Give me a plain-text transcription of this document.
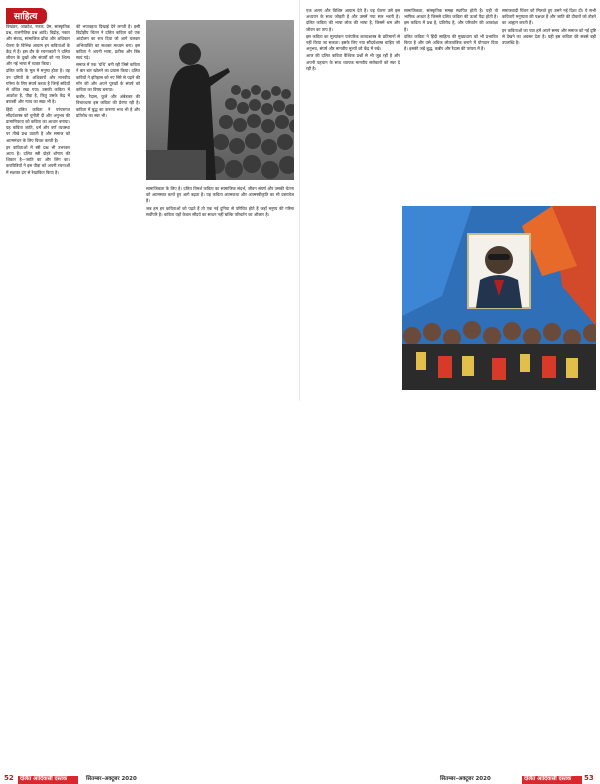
साहित्य

विखंडन, आक्रोश, नकार, प्रेम, सांस्कृतिक प्रश्न, राजनीतिक प्रश्न आदि। विद्रोह, नकार और संवाद, सामाजिक ढाँचा और अधिकार चेतना के विभिन्न आयाम इन कविताओं के केंद्र में हैं। इस दौर के रचनाकारों ने दलित जीवन के दुखों और संघर्षों को नए शिल्प और नई भाषा में व्यक्त किया।

दलित कवि के मूल में मनुष्य होता है। वह उन दमितों के अधिकारों और मानवीय गरिमा के लिए संघर्ष करता है जिन्हें सदियों से वंचित रखा गया। उसकी कविता में आक्रोश है, पीड़ा है, किंतु उसके केंद्र में बराबरी और न्याय का स्वप्न भी है।

हिंदी दलित कविता ने परंपरागत सौंदर्यशास्त्र को चुनौती दी और अनुभव की प्रामाणिकता को कविता का आधार बनाया। यह कविता जाति, धर्म और वर्ण व्यवस्था पर तीखे प्रश्न उठाती है और समाज को आत्ममंथन के लिए विवश करती है।

इन कविताओं में स्त्री प्रश्न भी उभरकर आता है। दलित स्त्री दोहरे शोषण की शिकार है—जाति का और लिंग का। कवयित्रियों ने इस पीड़ा को अपनी रचनाओं में सशक्त ढंग से रेखांकित किया है।

की भयावहता दिखाई देने लगती है। इसी विद्रोहीय चिंतन ने दलित कविता को एक आंदोलन का रूप दिया जो आगे चलकर अभिव्यक्ति का सशक्त माध्यम बना। इस कविता ने अपनी भाषा, प्रतीक और बिंब स्वयं गढ़े।

समाज में एक ‘ग्रंथि’ बनी रही जिसे कविता ने बार बार खोलने का प्रयास किया। दलित कवियों ने इतिहास को नए सिरे से पढ़ने की माँग की और अपने पुरखों के संघर्ष को कविता का विषय बनाया।

कबीर, रैदास, फुले और अंबेडकर की विचारधारा इस कविता की प्रेरणा रही है। कविता में बुद्ध का करुणा भाव भी है और प्रतिरोध का स्वर भी।

सामाजिकता के लिए है। दलित विमर्श कविता का सामाजिक संदर्भ, जीवन संघर्ष और उसकी चेतना को आत्मसात करते हुए आगे बढ़ता है। यह कविता आत्मकथा और आत्मस्वीकृति का भी दस्तावेज है।

जब हम इन कविताओं को पढ़ते हैं तो एक नई दुनिया से परिचित होते हैं जहाँ मनुष्य की गरिमा सर्वोपरि है। कविता यहाँ केवल सौंदर्य का साधन नहीं बल्कि परिवर्तन का औजार है।

एक अलग और विशिष्ट आयाम देते हैं। यह चेतना उसे इस अध्ययन के साथ जोड़ती है और उसमें नया स्वर भरती है। दलित कविता की भाषा लोक की भाषा है, जिसमें श्रम और जीवन का ताप है।

इस कविता का मूल्यांकन पारंपरिक काव्यशास्त्र के प्रतिमानों से नहीं किया जा सकता। इसके लिए नया सौंदर्यशास्त्र चाहिए जो अनुभव, संघर्ष और मानवीय मूल्यों को केंद्र में रखे।

आज की दलित कविता वैश्विक प्रश्नों से भी जुड़ रही है और अपनी पहचान के साथ व्यापक मानवीय सरोकारों को स्वर दे रही है।

सामाजिकता, सांस्कृतिक समझ स्थापित होती है। यही वो भाषिक आधार है जिससे दलित कविता की ऊर्जा पैदा होती है। इस कविता में प्रश्न है, प्रतिरोध है, और परिवर्तन की आकांक्षा है।

दलित कविता ने हिंदी साहित्य की मुख्यधारा को भी प्रभावित किया है और उसे अधिक लोकतांत्रिक बनाने में योगदान दिया है। इसकी जड़ें बुद्ध, कबीर और रैदास की परंपरा में हैं।

समाजवादी चिंतन को मिलाते हुए उसने नई दिशा दी। ये सभी कविताएँ मनुष्यता की पक्षधर हैं और जाति की दीवारों को तोड़ने का आह्वान करती हैं।

इन कविताओं का पाठ हमें अपने समय और समाज को नई दृष्टि से देखने का अवसर देता है। यही इस कविता की सबसे बड़ी उपलब्धि है।

52 दलित आदिवासी दस्तक	सितम्बर–अक्टूबर 2020	सितम्बर–अक्टूबर 2020	दलित आदिवासी दस्तक 53
